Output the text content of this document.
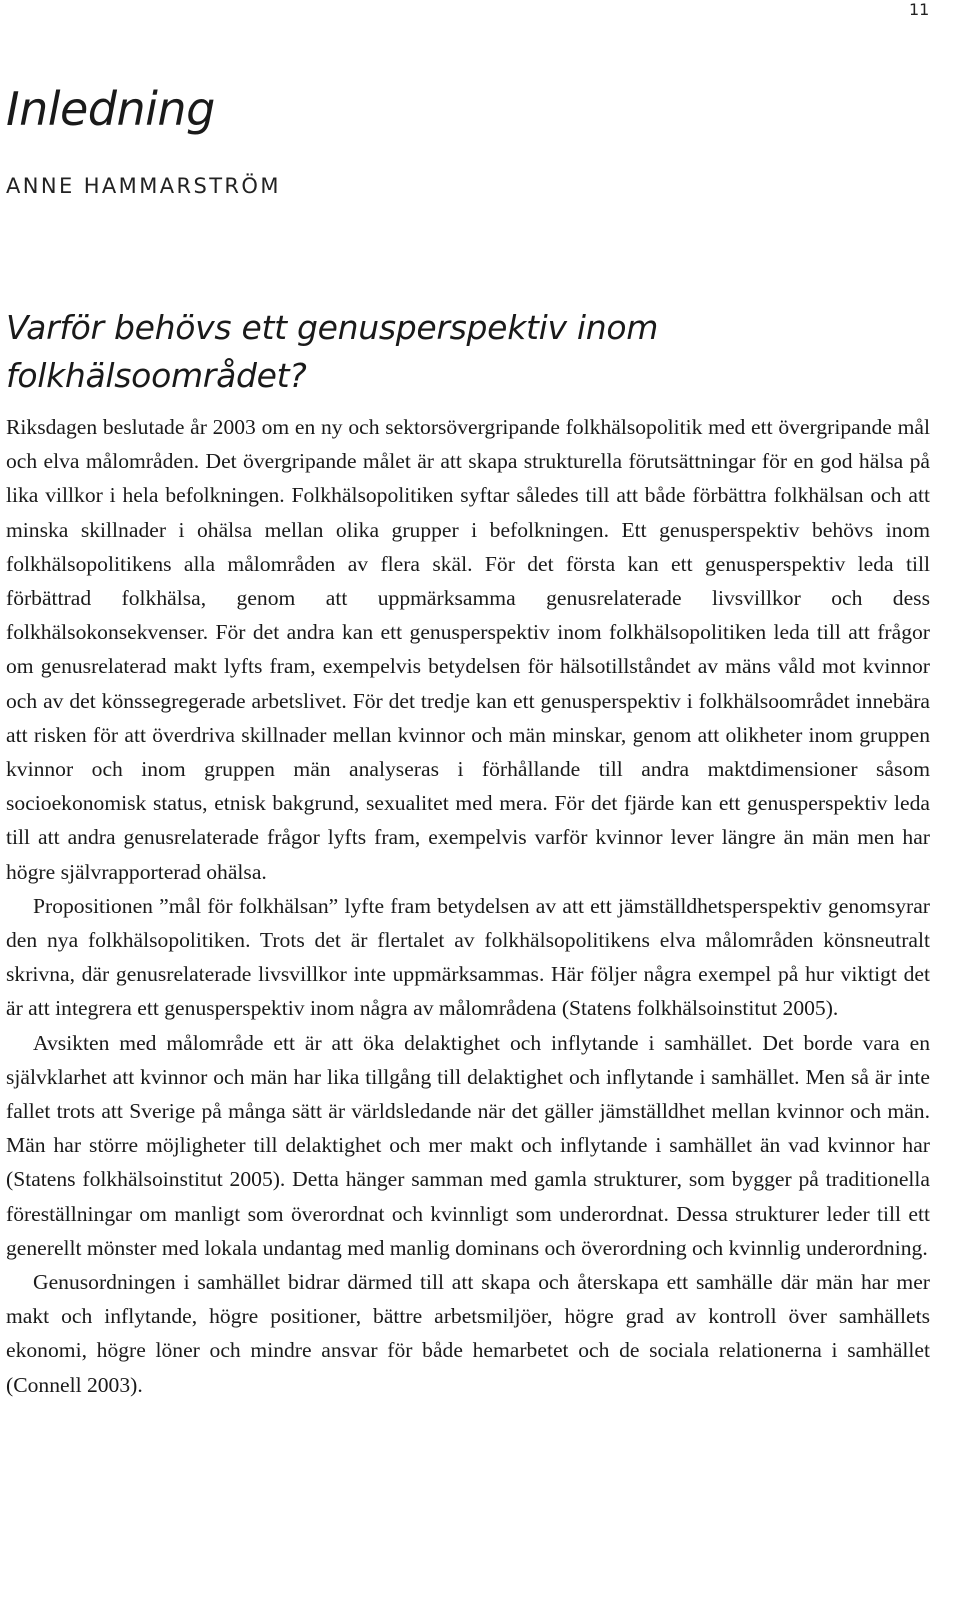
11
Inledning
ANNE HAMMARSTRÖM
Varför behövs ett genusperspektiv inom folkhälsoområdet?

Riksdagen beslutade år 2003 om en ny och sektorsövergripande folkhälsopolitik med ett övergripande mål och elva målområden. Det övergripande målet är att skapa strukturella förutsättningar för en god hälsa på lika villkor i hela befolkningen. Folkhälsopolitiken syftar således till att både förbättra folkhälsan och att minska skillnader i ohälsa mellan olika grupper i befolkningen. Ett genusperspektiv behövs inom folkhälsopolitikens alla målområden av flera skäl. För det första kan ett genusperspektiv leda till förbättrad folkhälsa, genom att uppmärksamma genusrelaterade livsvillkor och dess folkhälsokonsekvenser. För det andra kan ett genusperspektiv inom folkhälsopolitiken leda till att frågor om genusrelaterad makt lyfts fram, exempelvis betydelsen för hälsotillståndet av mäns våld mot kvinnor och av det könssegregerade arbetslivet. För det tredje kan ett genusperspektiv i folkhälsoområdet innebära att risken för att överdriva skillnader mellan kvinnor och män minskar, genom att olikheter inom gruppen kvinnor och inom gruppen män analyseras i förhållande till andra maktdimensioner såsom socioekonomisk status, etnisk bakgrund, sexualitet med mera. För det fjärde kan ett genusperspektiv leda till att andra genusrelaterade frågor lyfts fram, exempelvis varför kvinnor lever längre än män men har högre självrapporterad ohälsa.

Propositionen ”mål för folkhälsan” lyfte fram betydelsen av att ett jämställdhetsperspektiv genomsyrar den nya folkhälsopolitiken. Trots det är flertalet av folkhälsopolitikens elva målområden könsneutralt skrivna, där genusrelaterade livsvillkor inte uppmärksammas. Här följer några exempel på hur viktigt det är att integrera ett genusperspektiv inom några av målområdena (Statens folkhälsoinstitut 2005).

Avsikten med målområde ett är att öka delaktighet och inflytande i samhället. Det borde vara en självklarhet att kvinnor och män har lika tillgång till delaktighet och inflytande i samhället. Men så är inte fallet trots att Sverige på många sätt är världsledande när det gäller jämställdhet mellan kvinnor och män. Män har större möjligheter till delaktighet och mer makt och inflytande i samhället än vad kvinnor har (Statens folkhälsoinstitut 2005). Detta hänger samman med gamla strukturer, som bygger på traditionella föreställningar om manligt som överordnat och kvinnligt som underordnat. Dessa strukturer leder till ett generellt mönster med lokala undantag med manlig dominans och överordning och kvinnlig underordning.

Genusordningen i samhället bidrar därmed till att skapa och återskapa ett samhälle där män har mer makt och inflytande, högre positioner, bättre arbetsmiljöer, högre grad av kontroll över samhällets ekonomi, högre löner och mindre ansvar för både hemarbetet och de sociala relationerna i samhället (Connell 2003).
